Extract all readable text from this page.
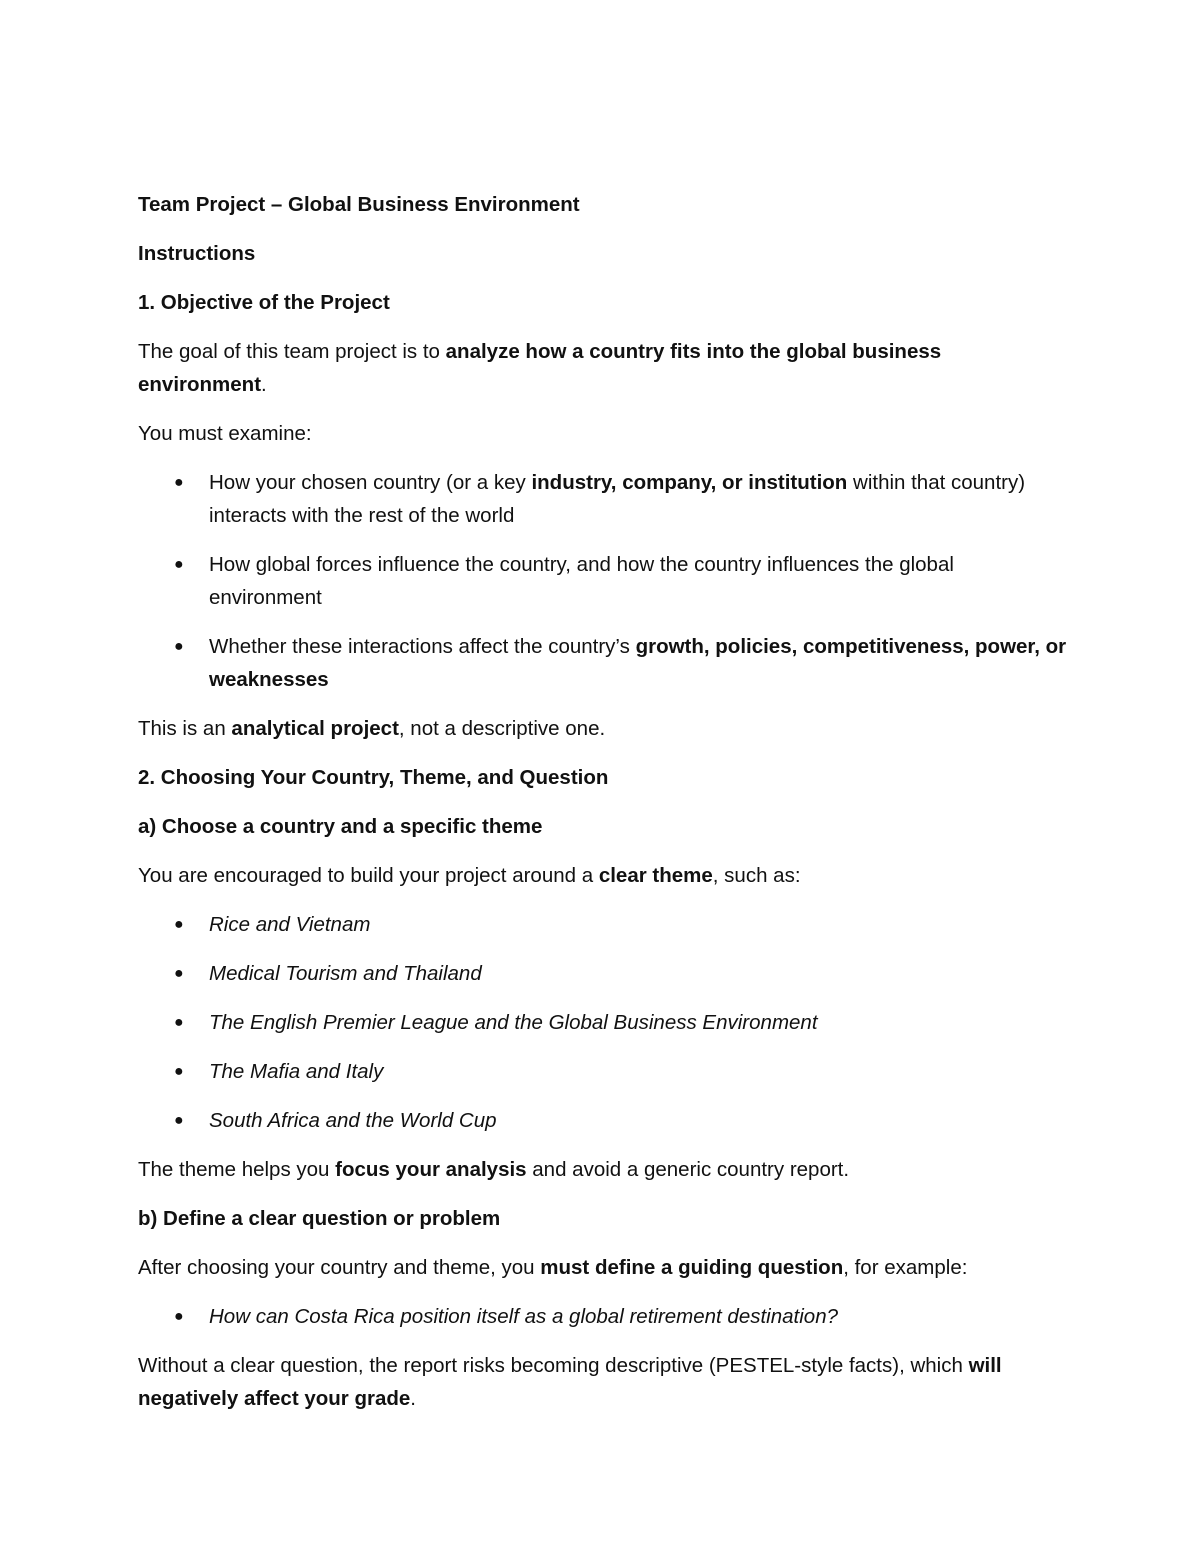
Team Project – Global Business Environment

Instructions

1. Objective of the Project

The goal of this team project is to analyze how a country fits into the global business environment.

You must examine:

● How your chosen country (or a key industry, company, or institution within that country) interacts with the rest of the world
● How global forces influence the country, and how the country influences the global environment
● Whether these interactions affect the country’s growth, policies, competitiveness, power, or weaknesses

This is an analytical project, not a descriptive one.

2. Choosing Your Country, Theme, and Question

a) Choose a country and a specific theme

You are encouraged to build your project around a clear theme, such as:

● Rice and Vietnam
● Medical Tourism and Thailand
● The English Premier League and the Global Business Environment
● The Mafia and Italy
● South Africa and the World Cup

The theme helps you focus your analysis and avoid a generic country report.

b) Define a clear question or problem

After choosing your country and theme, you must define a guiding question, for example:

● How can Costa Rica position itself as a global retirement destination?

Without a clear question, the report risks becoming descriptive (PESTEL-style facts), which will negatively affect your grade.
